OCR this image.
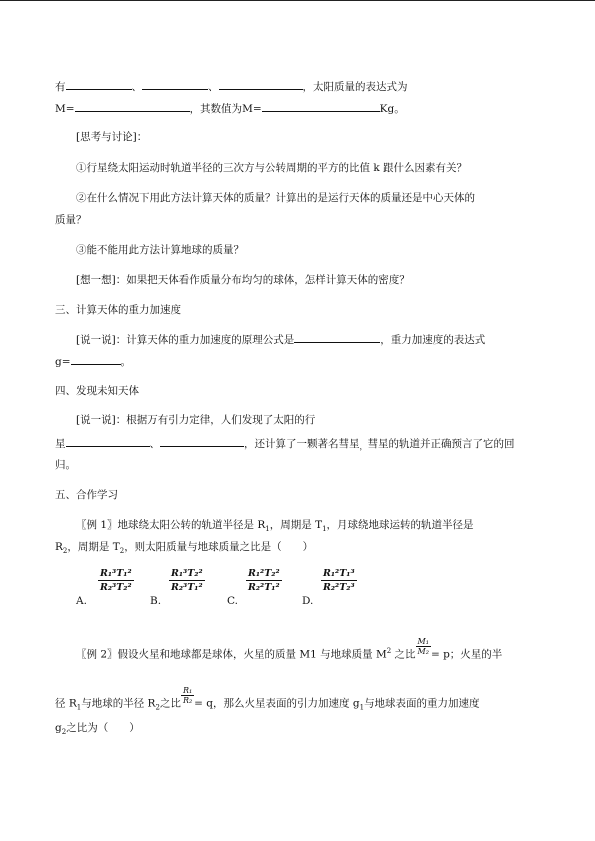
有	、	、	，太阳质量的表达式为
M=	，其数值为M=	Kg。
[思考与讨论]：
①行星绕太阳运动时轨道半径的三次方与公转周期的平方的比值 k 跟什么因素有关？
②在什么情况下用此方法计算天体的质量？计算出的是运行天体的质量还是中心天体的
质量？
③能不能用此方法计算地球的质量？
[想一想]：如果把天体看作质量分布均匀的球体，怎样计算天体的密度？
三、计算天体的重力加速度
[说一说]：计算天体的重力加速度的原理公式是	，重力加速度的表达式
g=	。
四、发现未知天体
[说一说]：根据万有引力定律，人们发现了太阳的行
星	、	，还计算了一颗著名彗星，彗星的轨道并正确预言了它的回
归。
五、合作学习
〖例 1〗地球绕太阳公转的轨道半径是 $R_1$，周期是 $T_1$，月球绕地球运转的轨道半径是
$R_2$，周期是 $T_2$，则太阳质量与地球质量之比是（　　）
A.
$\frac{\text{R₁³T₁²}}{\text{R₂³T₂²}}$
B.
$\frac{\text{R₁³T₂²}}{\text{R₂³T₁²}}$
C.
$\frac{\text{R₁²T₂²}}{\text{R₂²T₁²}}$
D.
$\frac{\text{R₁²T₁³}}{\text{R₂²T₂³}}$
〖例 2〗假设火星和地球都是球体，火星的质量 M1 与地球质量 $M^2$ 之比 $\frac{\text{M₁}}{\text{M₂}} = p$；火星的半
径 $R_1$与地球的半径 $R_2$之比 $\frac{\text{R₁}}{\text{R₂}} = q$，那么火星表面的引力加速度 $g_1$与地球表面的重力加速度
$g_2$之比为（　　）
